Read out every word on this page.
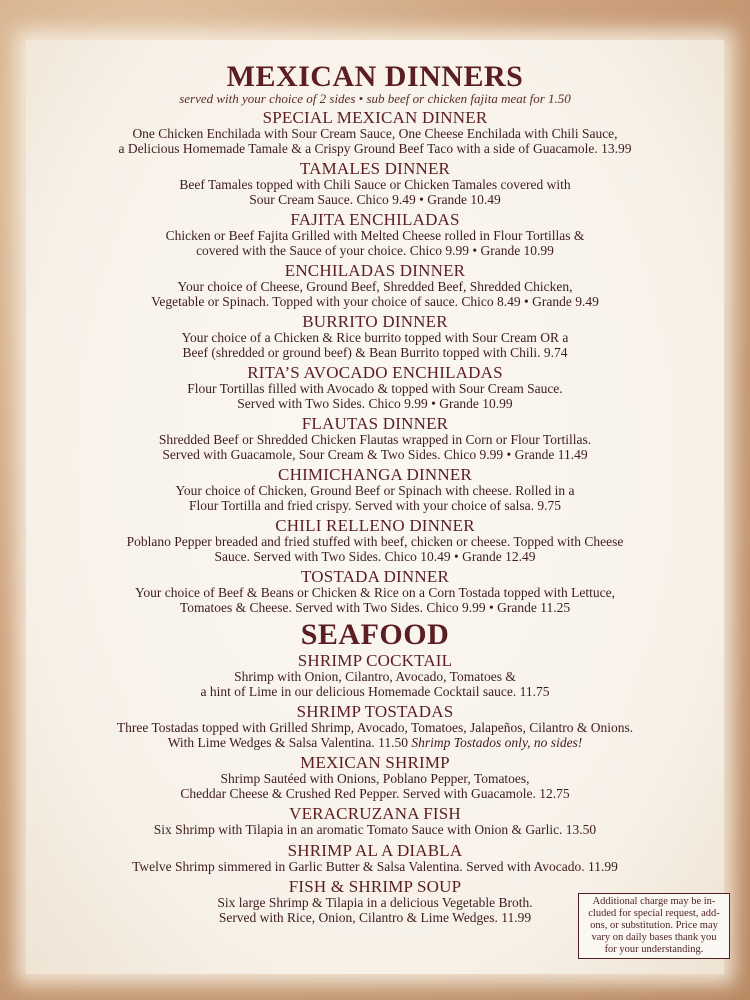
MEXICAN DINNERS

served with your choice of 2 sides • sub beef or chicken fajita meat for 1.50

SPECIAL MEXICAN DINNER

One Chicken Enchilada with Sour Cream Sauce, One Cheese Enchilada with Chili Sauce,
a Delicious Homemade Tamale & a Crispy Ground Beef Taco with a side of Guacamole. 13.99

TAMALES DINNER

Beef Tamales topped with Chili Sauce or Chicken Tamales covered with
Sour Cream Sauce. Chico 9.49 • Grande 10.49

FAJITA ENCHILADAS

Chicken or Beef Fajita Grilled with Melted Cheese rolled in Flour Tortillas &
covered with the Sauce of your choice. Chico 9.99 • Grande 10.99

ENCHILADAS DINNER

Your choice of Cheese, Ground Beef, Shredded Beef, Shredded Chicken,
Vegetable or Spinach. Topped with your choice of sauce. Chico 8.49 • Grande 9.49

BURRITO DINNER

Your choice of a Chicken & Rice burrito topped with Sour Cream OR a
Beef (shredded or ground beef) & Bean Burrito topped with Chili. 9.74

RITA’S AVOCADO ENCHILADAS

Flour Tortillas filled with Avocado & topped with Sour Cream Sauce.
Served with Two Sides. Chico 9.99 • Grande 10.99

FLAUTAS DINNER

Shredded Beef or Shredded Chicken Flautas wrapped in Corn or Flour Tortillas.
Served with Guacamole, Sour Cream & Two Sides. Chico 9.99 • Grande 11.49

CHIMICHANGA DINNER

Your choice of Chicken, Ground Beef or Spinach with cheese. Rolled in a
Flour Tortilla and fried crispy. Served with your choice of salsa. 9.75

CHILI RELLENO DINNER

Poblano Pepper breaded and fried stuffed with beef, chicken or cheese. Topped with Cheese
Sauce. Served with Two Sides. Chico 10.49 • Grande 12.49

TOSTADA DINNER

Your choice of Beef & Beans or Chicken & Rice on a Corn Tostada topped with Lettuce,
Tomatoes & Cheese. Served with Two Sides. Chico 9.99 • Grande 11.25

SEAFOOD

SHRIMP COCKTAIL

Shrimp with Onion, Cilantro, Avocado, Tomatoes &
a hint of Lime in our delicious Homemade Cocktail sauce. 11.75

SHRIMP TOSTADAS

Three Tostadas topped with Grilled Shrimp, Avocado, Tomatoes, Jalapeños, Cilantro & Onions.
With Lime Wedges & Salsa Valentina. 11.50 Shrimp Tostados only, no sides!

MEXICAN SHRIMP

Shrimp Sautéed with Onions, Poblano Pepper, Tomatoes,
Cheddar Cheese & Crushed Red Pepper. Served with Guacamole. 12.75

VERACRUZANA FISH

Six Shrimp with Tilapia in an aromatic Tomato Sauce with Onion & Garlic. 13.50

SHRIMP AL A DIABLA

Twelve Shrimp simmered in Garlic Butter & Salsa Valentina. Served with Avocado. 11.99

FISH & SHRIMP SOUP

Six large Shrimp & Tilapia in a delicious Vegetable Broth.
Served with Rice, Onion, Cilantro & Lime Wedges. 11.99

Additional charge may be in-
cluded for special request, add-
ons, or substitution. Price may
vary on daily bases thank you
for your understanding.
